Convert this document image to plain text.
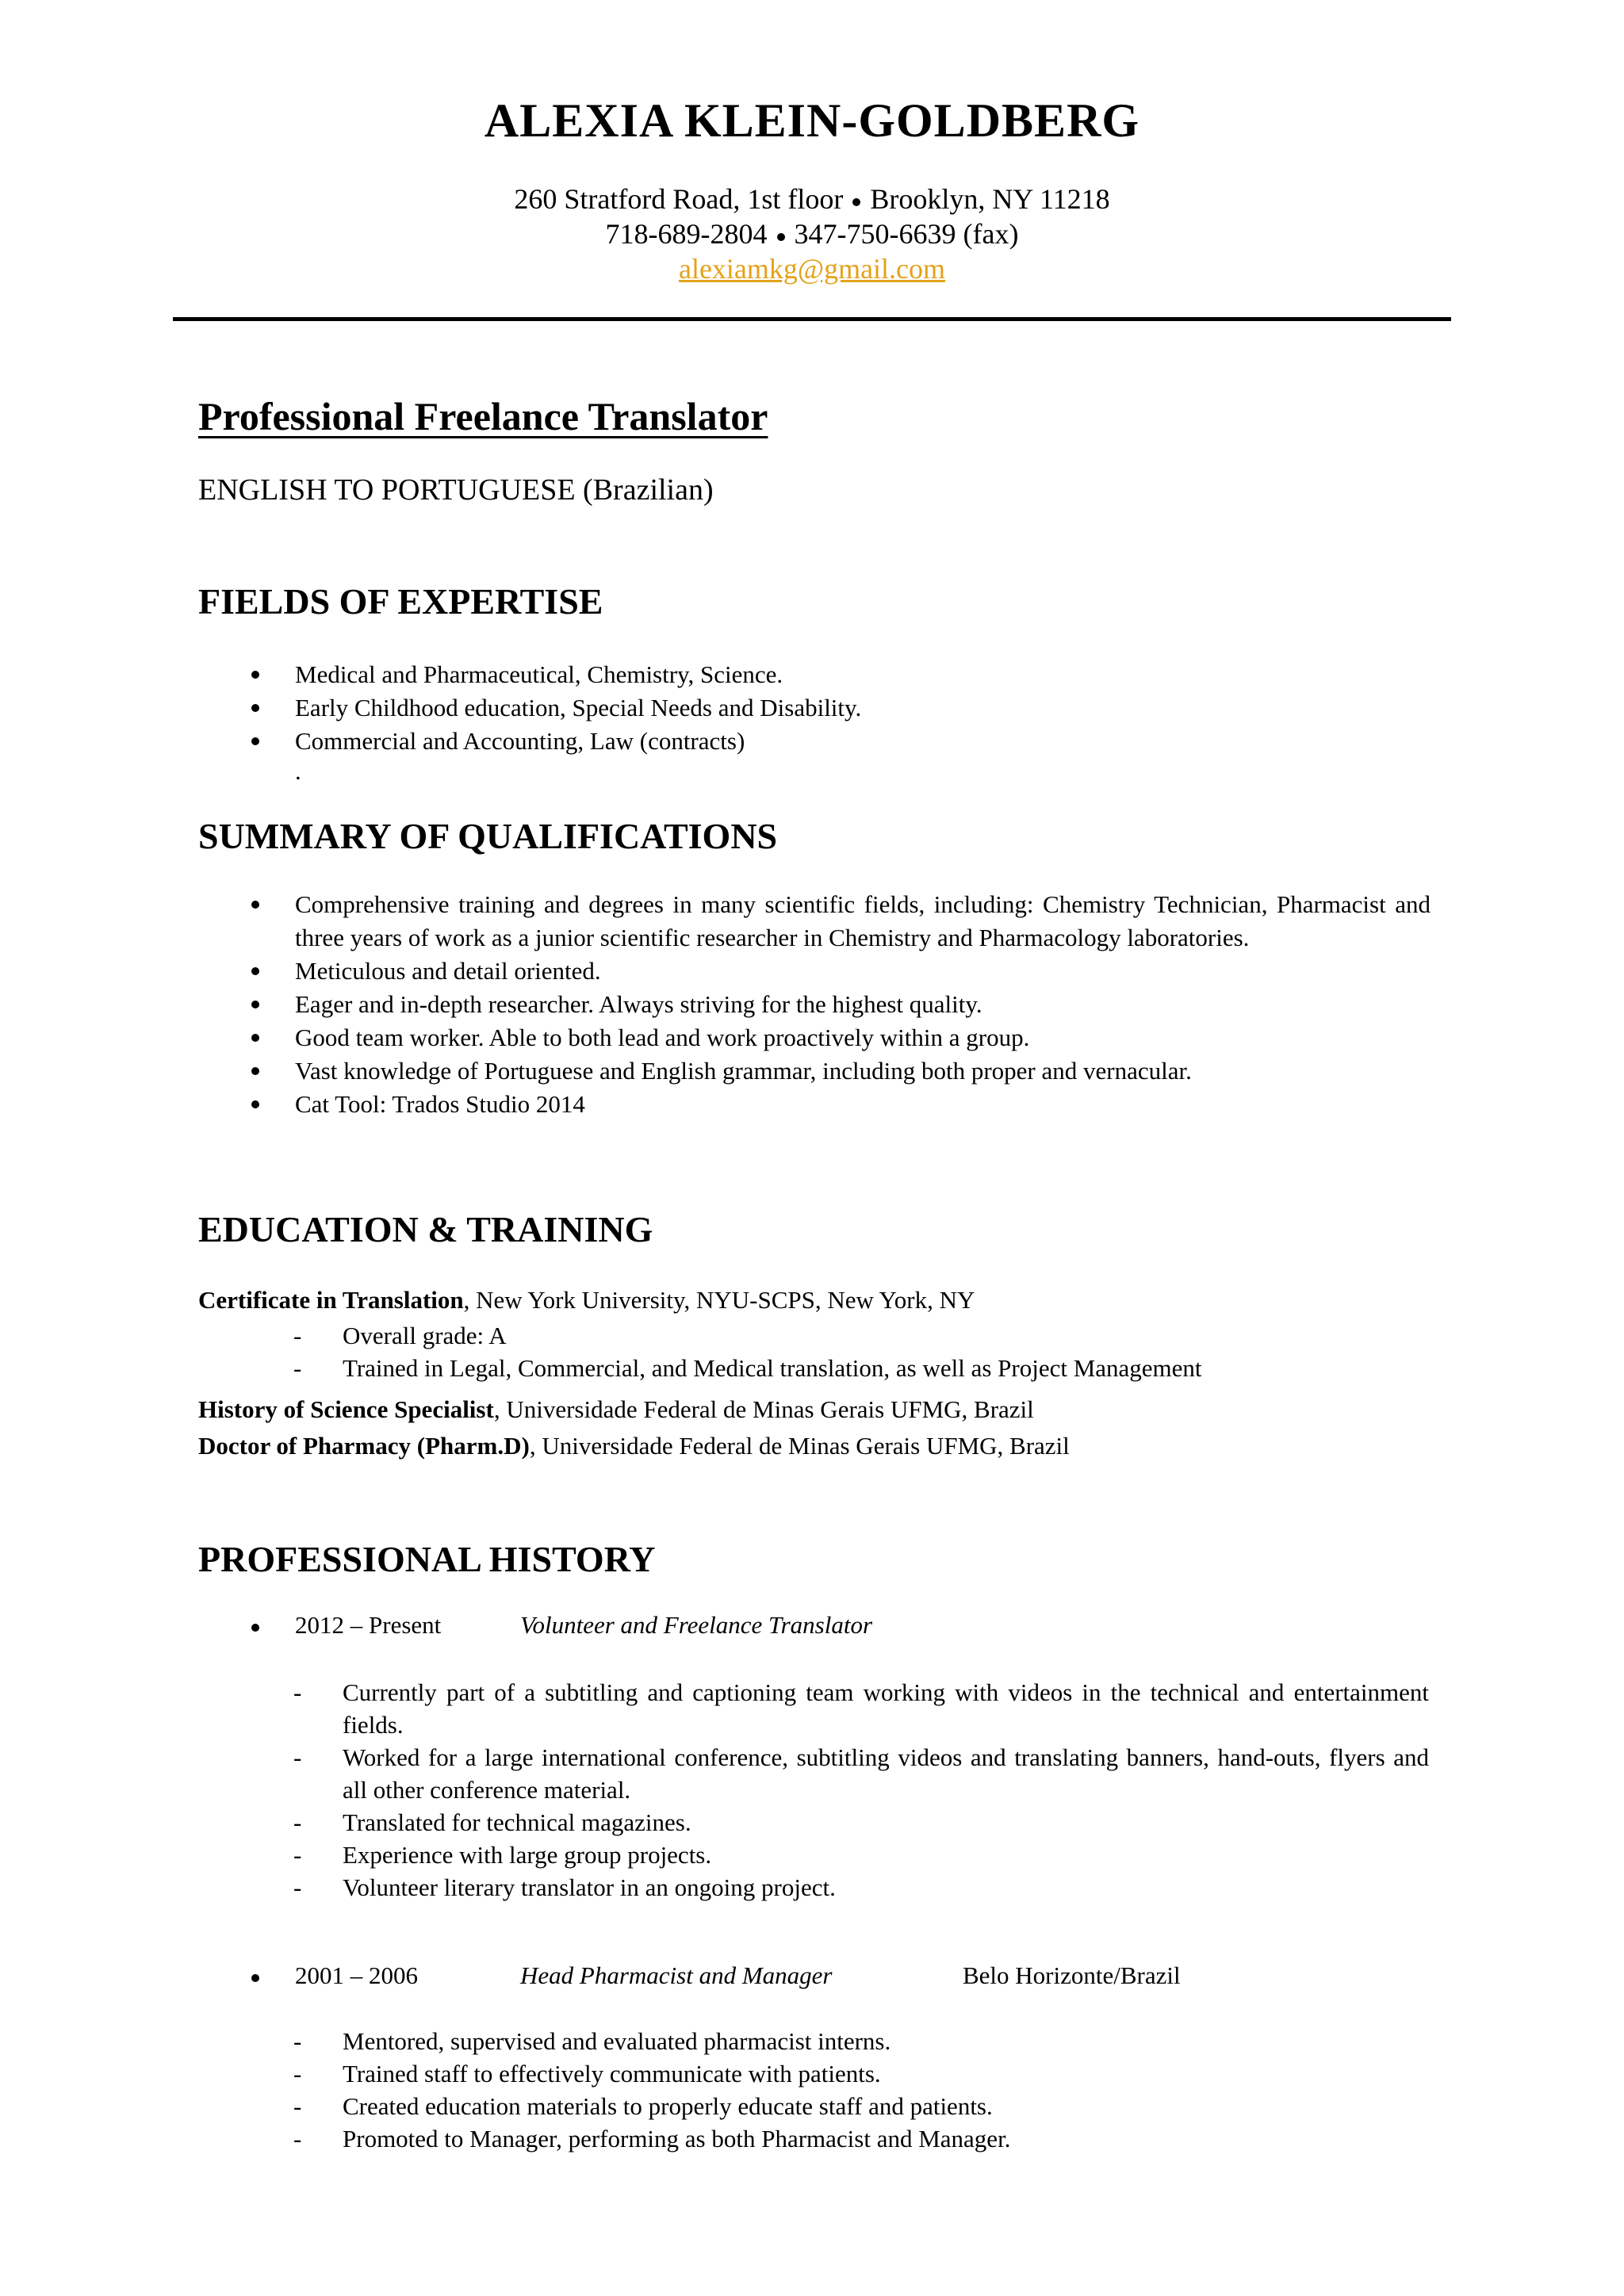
ALEXIA KLEIN-GOLDBERG

260 Stratford Road, 1st floor Brooklyn, NY 11218

718-689-2804 347-750-6639 (fax)

alexiamkg@gmail.com

Professional Freelance Translator

ENGLISH TO PORTUGUESE (Brazilian)

FIELDS OF EXPERTISE
Medical and Pharmaceutical, Chemistry, Science.
Early Childhood education, Special Needs and Disability.
Commercial and Accounting, Law (contracts)

.

SUMMARY OF QUALIFICATIONS
Comprehensive training and degrees in many scientific fields, including: Chemistry Technician, Pharmacist and three years of work as a junior scientific researcher in Chemistry and Pharmacology laboratories.
Meticulous and detail oriented.
Eager and in-depth researcher. Always striving for the highest quality.
Good team worker. Able to both lead and work proactively within a group.
Vast knowledge of Portuguese and English grammar, including both proper and vernacular.
Cat Tool: Trados Studio 2014
EDUCATION & TRAINING

Certificate in Translation, New York University, NYU-SCPS, New York, NY

- Overall grade: A
- Trained in Legal, Commercial, and Medical translation, as well as Project Management

History of Science Specialist, Universidade Federal de Minas Gerais UFMG, Brazil

Doctor of Pharmacy (Pharm.D), Universidade Federal de Minas Gerais UFMG, Brazil

PROFESSIONAL HISTORY
2012 – Present	Volunteer and Freelance Translator
- Currently part of a subtitling and captioning team working with videos in the technical and entertainment fields.
- Worked for a large international conference, subtitling videos and translating banners, hand-outs, flyers and all other conference material.
- Translated for technical magazines.
- Experience with large group projects.
- Volunteer literary translator in an ongoing project.
2001 – 2006	Head Pharmacist and Manager	Belo Horizonte/Brazil
- Mentored, supervised and evaluated pharmacist interns.
- Trained staff to effectively communicate with patients.
- Created education materials to properly educate staff and patients.
- Promoted to Manager, performing as both Pharmacist and Manager.
